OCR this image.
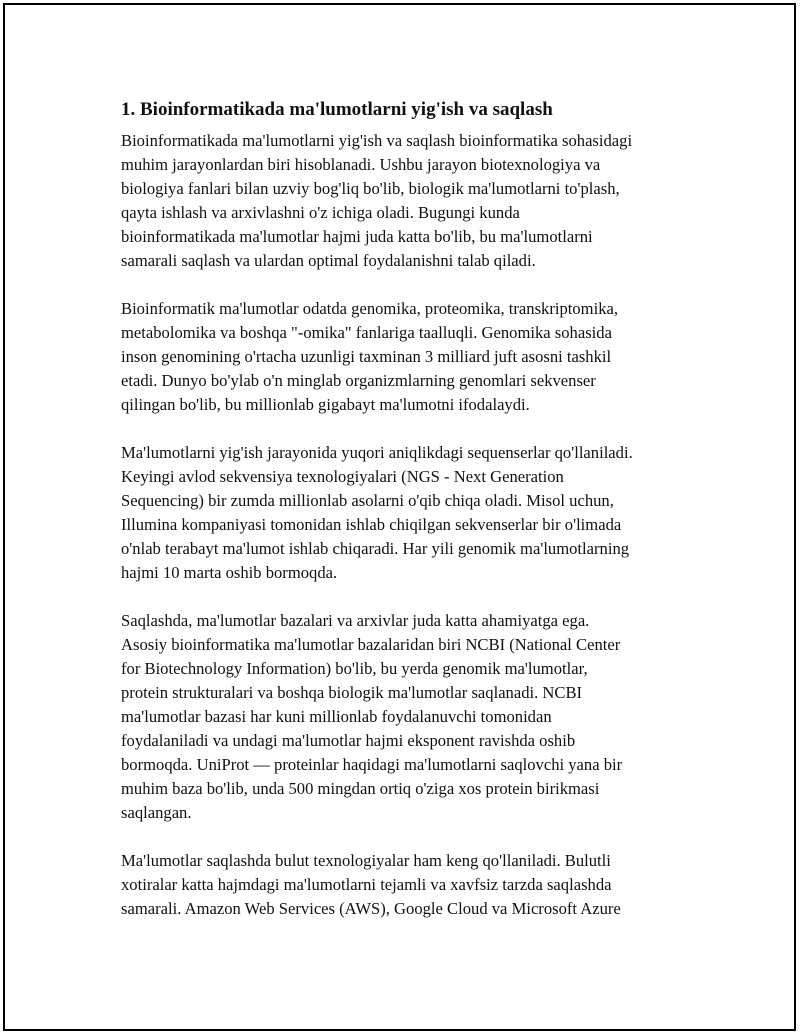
1. Bioinformatikada ma'lumotlarni yig'ish va saqlash

Bioinformatikada ma'lumotlarni yig'ish va saqlash bioinformatika sohasidagi
muhim jarayonlardan biri hisoblanadi. Ushbu jarayon biotexnologiya va
biologiya fanlari bilan uzviy bog'liq bo'lib, biologik ma'lumotlarni to'plash,
qayta ishlash va arxivlashni o'z ichiga oladi. Bugungi kunda
bioinformatikada ma'lumotlar hajmi juda katta bo'lib, bu ma'lumotlarni
samarali saqlash va ulardan optimal foydalanishni talab qiladi.

Bioinformatik ma'lumotlar odatda genomika, proteomika, transkriptomika,
metabolomika va boshqa "-omika" fanlariga taalluqli. Genomika sohasida
inson genomining o'rtacha uzunligi taxminan 3 milliard juft asosni tashkil
etadi. Dunyo bo'ylab o'n minglab organizmlarning genomlari sekvenser
qilingan bo'lib, bu millionlab gigabayt ma'lumotni ifodalaydi.

Ma'lumotlarni yig'ish jarayonida yuqori aniqlikdagi sequenserlar qo'llaniladi.
Keyingi avlod sekvensiya texnologiyalari (NGS - Next Generation
Sequencing) bir zumda millionlab asolarni o'qib chiqa oladi. Misol uchun,
Illumina kompaniyasi tomonidan ishlab chiqilgan sekvenserlar bir o'limada
o'nlab terabayt ma'lumot ishlab chiqaradi. Har yili genomik ma'lumotlarning
hajmi 10 marta oshib bormoqda.

Saqlashda, ma'lumotlar bazalari va arxivlar juda katta ahamiyatga ega.
Asosiy bioinformatika ma'lumotlar bazalaridan biri NCBI (National Center
for Biotechnology Information) bo'lib, bu yerda genomik ma'lumotlar,
protein strukturalari va boshqa biologik ma'lumotlar saqlanadi. NCBI
ma'lumotlar bazasi har kuni millionlab foydalanuvchi tomonidan
foydalaniladi va undagi ma'lumotlar hajmi eksponent ravishda oshib
bormoqda. UniProt — proteinlar haqidagi ma'lumotlarni saqlovchi yana bir
muhim baza bo'lib, unda 500 mingdan ortiq o'ziga xos protein birikmasi
saqlangan.

Ma'lumotlar saqlashda bulut texnologiyalar ham keng qo'llaniladi. Bulutli
xotiralar katta hajmdagi ma'lumotlarni tejamli va xavfsiz tarzda saqlashda
samarali. Amazon Web Services (AWS), Google Cloud va Microsoft Azure
